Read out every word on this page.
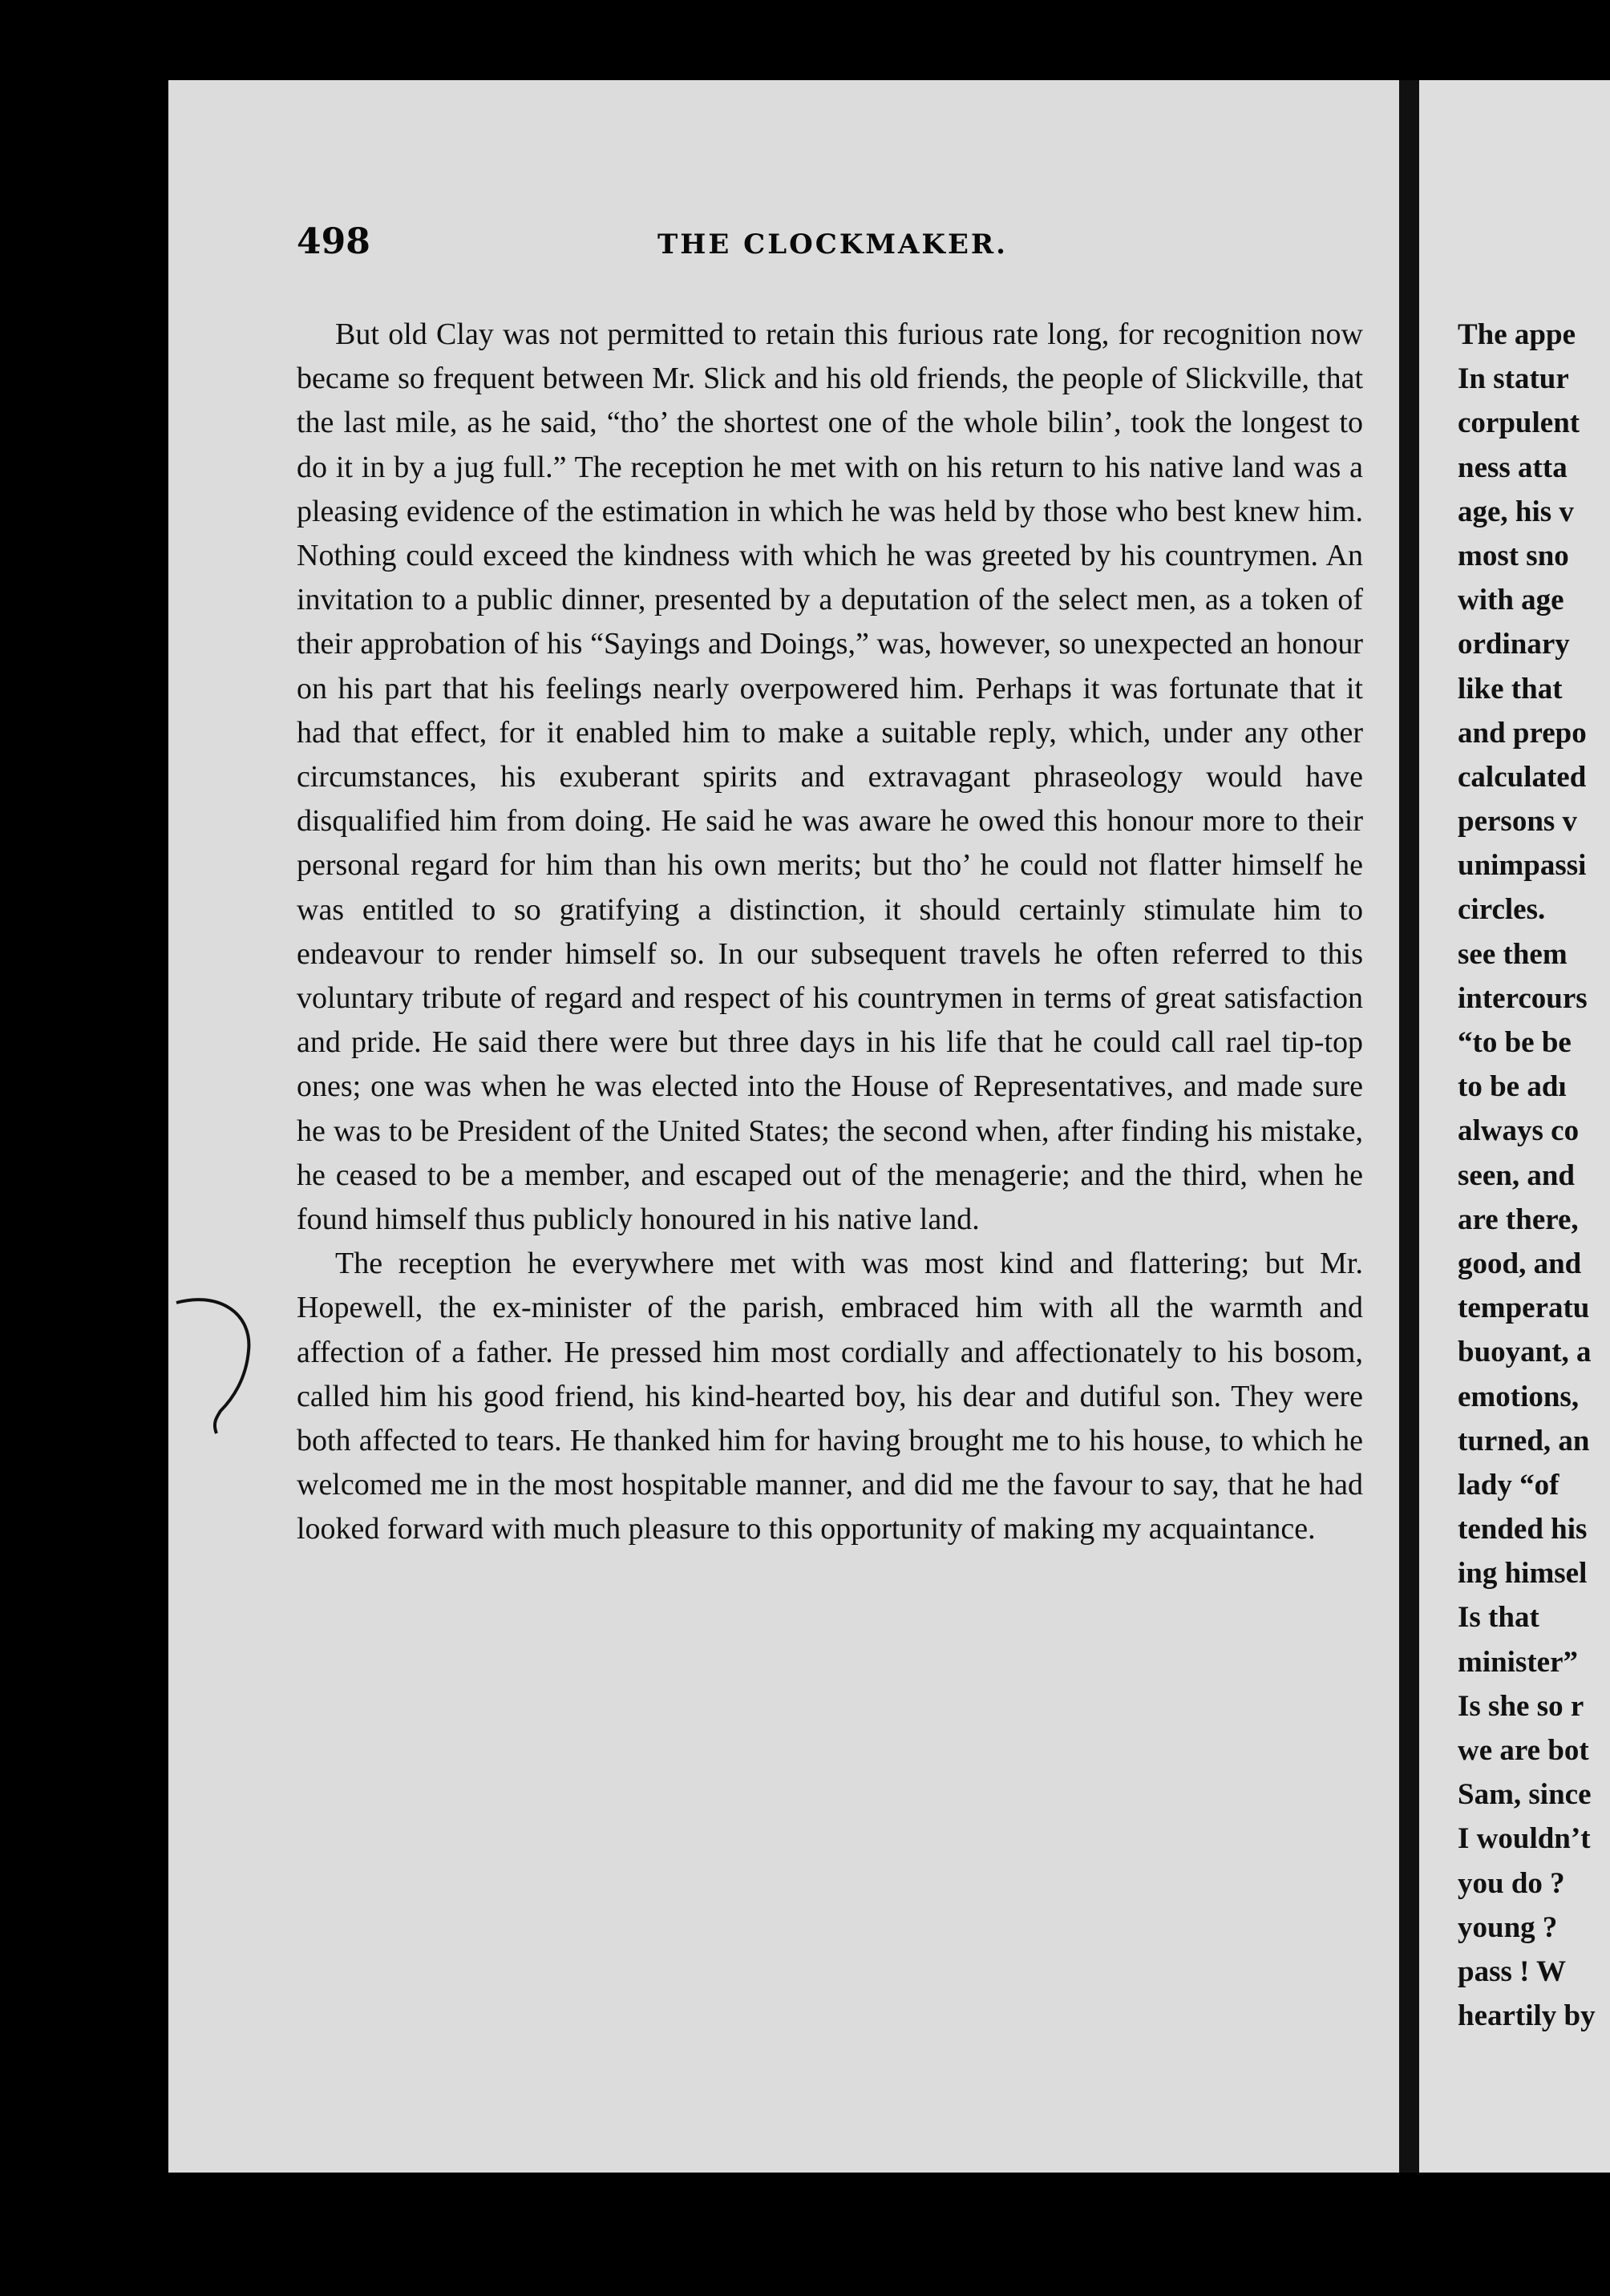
498	THE CLOCKMAKER.

But old Clay was not permitted to retain this furious rate long, for recognition now became so frequent between Mr. Slick and his old friends, the people of Slickville, that the last mile, as he said, “tho’ the shortest one of the whole bilin’, took the longest to do it in by a jug full.” The reception he met with on his return to his native land was a pleasing evidence of the estimation in which he was held by those who best knew him. Nothing could exceed the kindness with which he was greeted by his countrymen. An invitation to a public dinner, presented by a deputation of the select men, as a token of their approbation of his “Sayings and Doings,” was, however, so unexpected an honour on his part that his feelings nearly overpowered him. Perhaps it was fortunate that it had that effect, for it enabled him to make a suitable reply, which, under any other circumstances, his exuberant spirits and extravagant phraseology would have disqualified him from doing. He said he was aware he owed this honour more to their personal regard for him than his own merits; but tho’ he could not flatter himself he was entitled to so gratifying a distinction, it should certainly stimulate him to endeavour to render himself so. In our subsequent travels he often referred to this voluntary tribute of regard and respect of his countrymen in terms of great satisfaction and pride. He said there were but three days in his life that he could call rael tip-top ones; one was when he was elected into the House of Representatives, and made sure he was to be President of the United States; the second when, after finding his mistake, he ceased to be a member, and escaped out of the menagerie; and the third, when he found himself thus publicly honoured in his native land.

The reception he everywhere met with was most kind and flattering; but Mr. Hopewell, the ex-minister of the parish, embraced him with all the warmth and affection of a father. He pressed him most cordially and affectionately to his bosom, called him his good friend, his kind-hearted boy, his dear and dutiful son. They were both affected to tears. He thanked him for having brought me to his house, to which he welcomed me in the most hospitable manner, and did me the favour to say, that he had looked forward with much pleasure to this opportunity of making my acquaintance.

The appe
In statur
corpulent
ness atta
age, his v
most sno
with age
ordinary
like that
and prepo
calculated
persons v
unimpassi
circles.
see them
intercours
“to be be
to be adı
always co
seen, and
are there,
good, and
temperatu
buoyant, a
emotions,
turned, an
lady “of
tended his
ing himsel
Is that
minister”
Is she so r
we are bot
Sam, since
I wouldn’t
you do ?
young ?
pass ! W
heartily by
